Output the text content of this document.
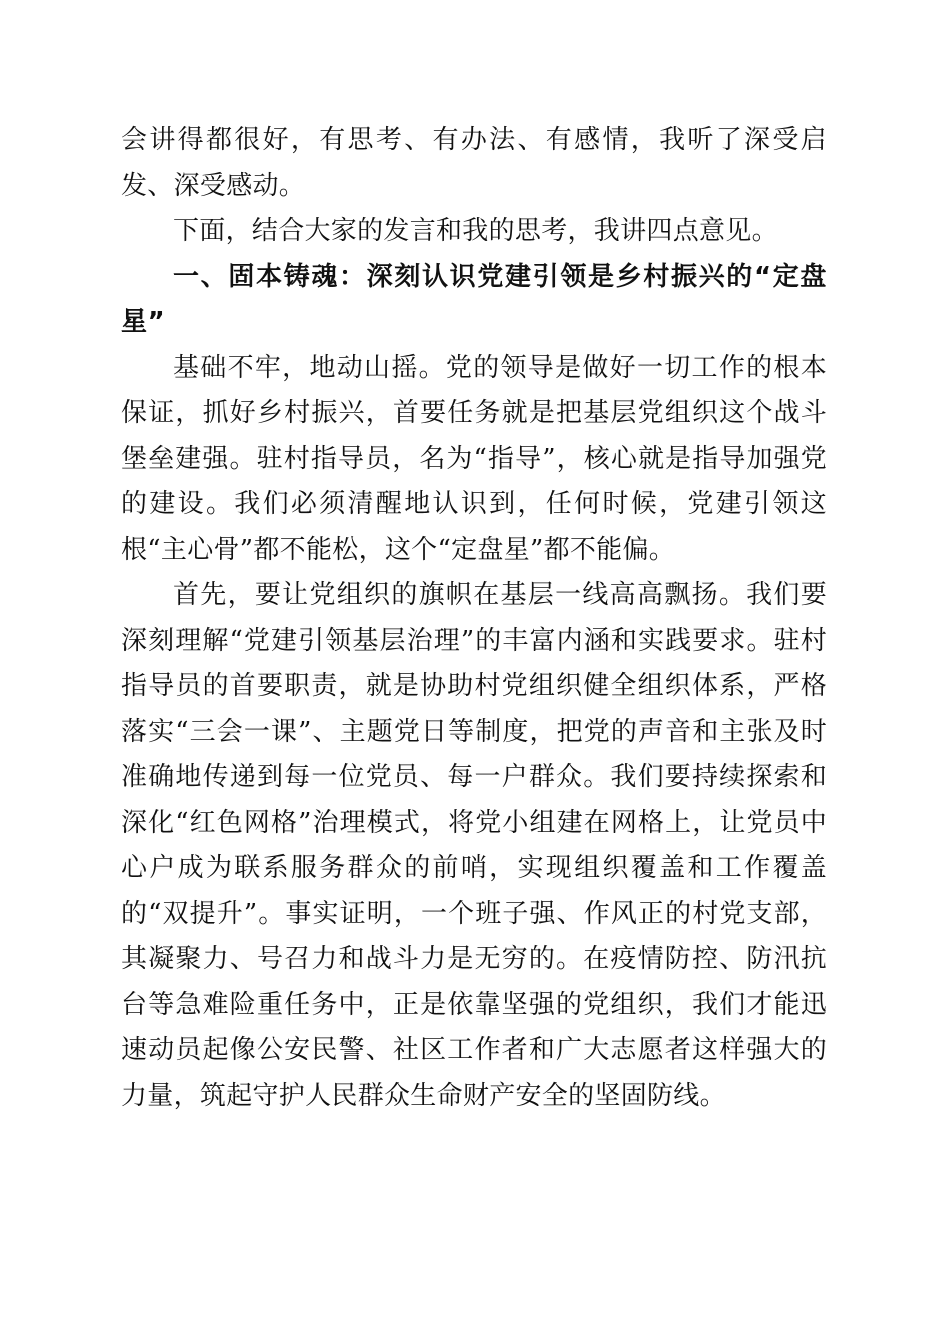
会讲得都很好，有思考、有办法、有感情，我听了深受启发、深受感动。

下面，结合大家的发言和我的思考，我讲四点意见。

一、固本铸魂：深刻认识党建引领是乡村振兴的“定盘星”

基础不牢，地动山摇。党的领导是做好一切工作的根本保证，抓好乡村振兴，首要任务就是把基层党组织这个战斗堡垒建强。驻村指导员，名为“指导”，核心就是指导加强党的建设。我们必须清醒地认识到，任何时候，党建引领这根“主心骨”都不能松，这个“定盘星”都不能偏。

首先，要让党组织的旗帜在基层一线高高飘扬。我们要深刻理解“党建引领基层治理”的丰富内涵和实践要求。驻村指导员的首要职责，就是协助村党组织健全组织体系，严格落实“三会一课”、主题党日等制度，把党的声音和主张及时准确地传递到每一位党员、每一户群众。我们要持续探索和深化“红色网格”治理模式，将党小组建在网格上，让党员中心户成为联系服务群众的前哨，实现组织覆盖和工作覆盖的“双提升”。事实证明，一个班子强、作风正的村党支部，其凝聚力、号召力和战斗力是无穷的。在疫情防控、防汛抗台等急难险重任务中，正是依靠坚强的党组织，我们才能迅速动员起像公安民警、社区工作者和广大志愿者这样强大的力量，筑起守护人民群众生命财产安全的坚固防线。
